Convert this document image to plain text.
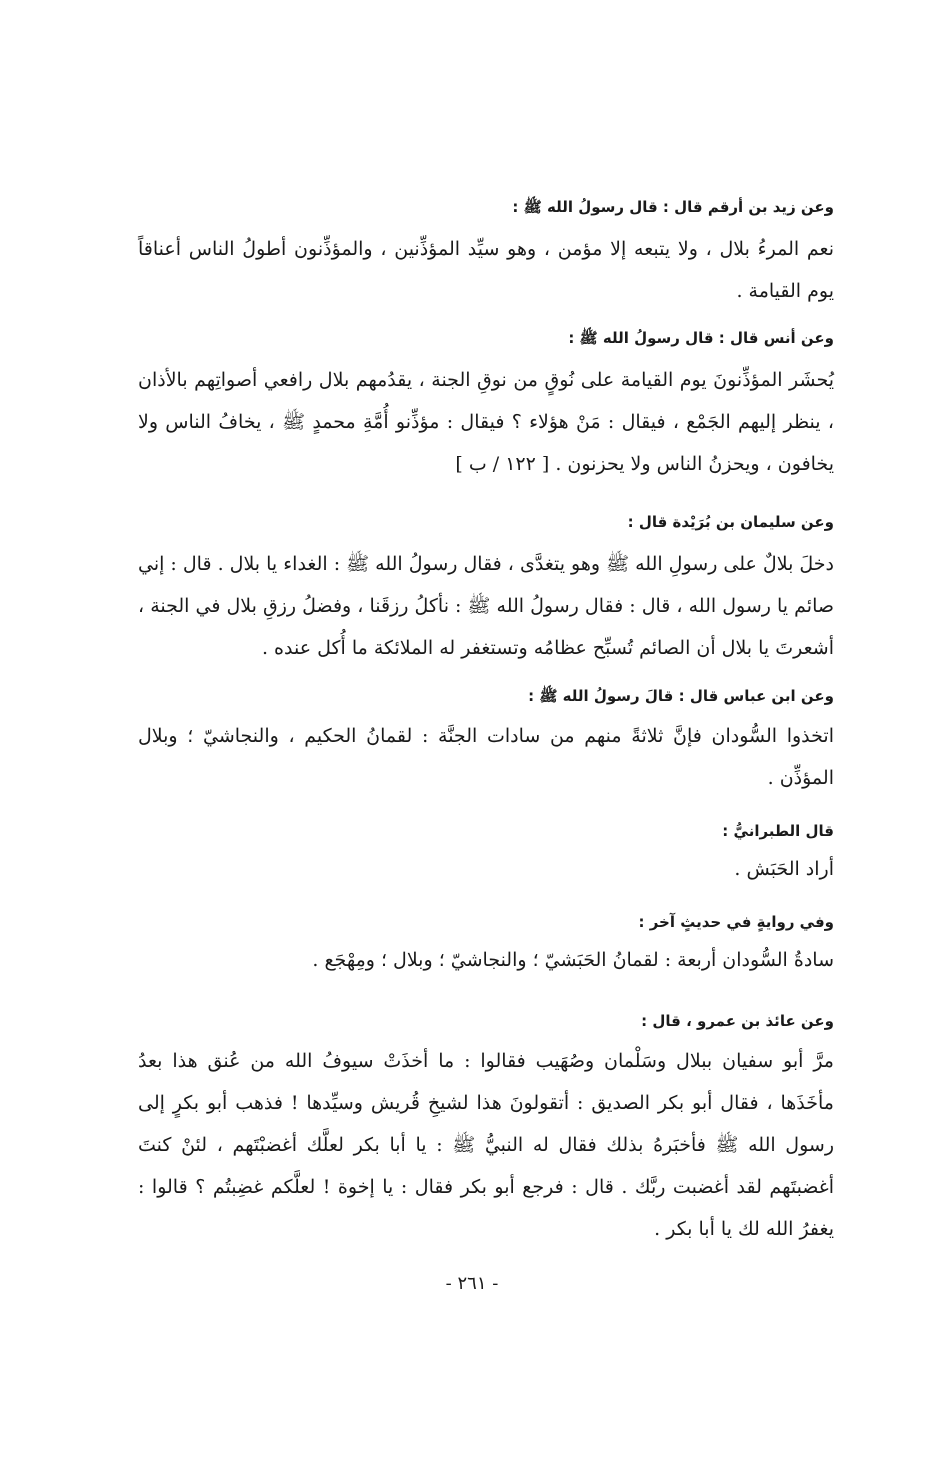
وعن زيد بن أرقم قال : قال رسولُ الله ﷺ :

نعم المرءُ بلال ، ولا يتبعه إلا مؤمن ، وهو سيِّد المؤذِّنين ، والمؤذِّنون أطولُ الناس أعناقاً يوم القيامة .

وعن أنس قال : قال رسولُ الله ﷺ :

يُحشَر المؤذِّنونَ يوم القيامة على نُوقٍ من نوقِ الجنة ، يقدُمهم بلال رافعي أصواتِهم بالأذان ، ينظر إليهم الجَمْع ، فيقال : مَنْ هؤلاء ؟ فيقال : مؤذِّنو أُمَّةِ محمدٍ ﷺ ، يخافُ الناس ولا يخافون ، ويحزنُ الناس ولا يحزنون . [ ١٢٢ / ب ]

وعن سليمان بن بُرَيْدة قال :

دخلَ بلالٌ على رسولِ الله ﷺ وهو يتغدَّى ، فقال رسولُ الله ﷺ : الغداء يا بلال . قال : إني صائم يا رسول الله ، قال : فقال رسولُ الله ﷺ : نأكلُ رزقَنا ، وفضلُ رزقِ بلال في الجنة ، أشعرتَ يا بلال أن الصائم تُسبِّح عظامُه وتستغفر له الملائكة ما أُكل عنده .

وعن ابن عباس قال : قالَ رسولُ الله ﷺ :

اتخذوا السُّودان فإنَّ ثلاثةً منهم من سادات الجنَّة : لقمانُ الحكيم ، والنجاشيّ ؛ وبلال المؤذِّن .

قال الطبرانيُّ :

أراد الحَبَش .

وفي روايةٍ في حديثٍ آخر :

سادةُ السُّودان أربعة : لقمانُ الحَبَشيّ ؛ والنجاشيّ ؛ وبلال ؛ ومِهْجَع .

وعن عائذ بن عمرو ، قال :

مرَّ أبو سفيان ببلال وسَلْمان وصُهَيب فقالوا : ما أخذَتْ سيوفُ الله من عُنق هذا بعدُ مأخَذَها ، فقال أبو بكر الصديق : أتقولونَ هذا لشيخِ قُريش وسيِّدها ! فذهب أبو بكرٍ إلى رسول الله ﷺ فأخبَرهُ بذلك فقال له النبيُّ ﷺ : يا أبا بكر لعلَّك أغضبْتَهم ، لئنْ كنتَ أغضبتَهم لقد أغضبت ربَّك . قال : فرجع أبو بكر فقال : يا إخوة ! لعلَّكم غضِبتُم ؟ قالوا : يغفرُ الله لك يا أبا بكر .

- ٢٦١ -
